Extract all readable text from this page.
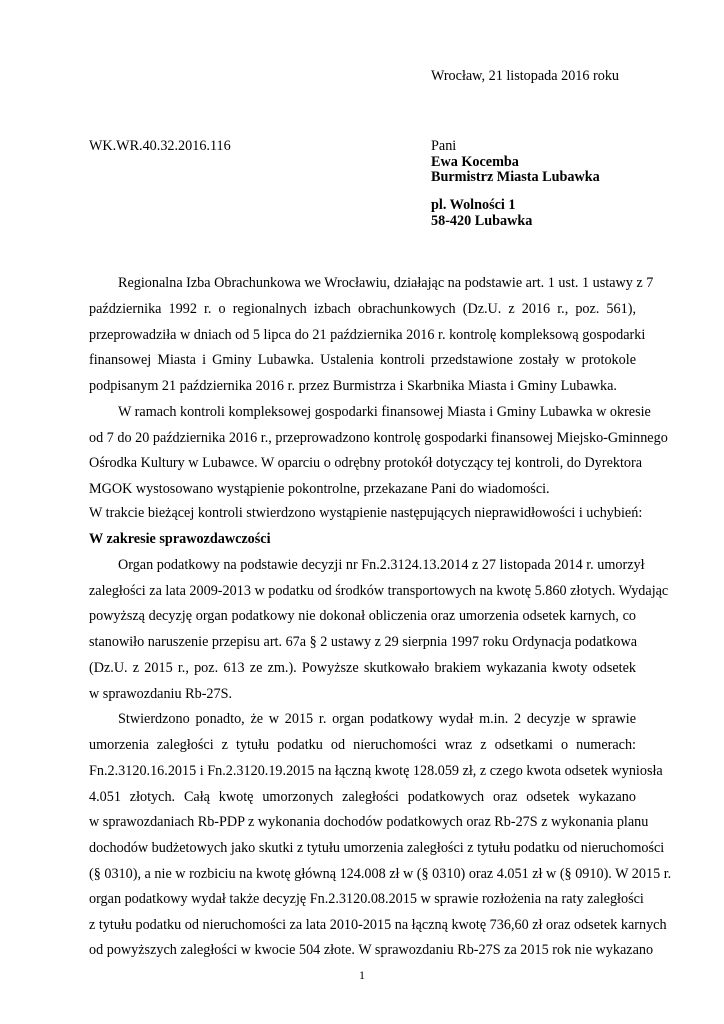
Wrocław, 21 listopada 2016 roku
WK.WR.40.32.2016.116	Pani
Ewa Kocemba
Burmistrz Miasta Lubawka
pl. Wolności 1
58-420 Lubawka
Regionalna Izba Obrachunkowa we Wrocławiu, działając na podstawie art. 1 ust. 1 ustawy z 7
października 1992 r. o regionalnych izbach obrachunkowych (Dz.U. z 2016 r., poz. 561),
przeprowadziła w dniach od 5 lipca do 21 października 2016 r. kontrolę kompleksową gospodarki
finansowej Miasta i Gminy Lubawka. Ustalenia kontroli przedstawione zostały w protokole
podpisanym 21 października 2016 r. przez Burmistrza i Skarbnika Miasta i Gminy Lubawka.
W ramach kontroli kompleksowej gospodarki finansowej Miasta i Gminy Lubawka w okresie
od 7 do 20 października 2016 r., przeprowadzono kontrolę gospodarki finansowej Miejsko-Gminnego
Ośrodka Kultury w Lubawce. W oparciu o odrębny protokół dotyczący tej kontroli, do Dyrektora
MGOK wystosowano wystąpienie pokontrolne, przekazane Pani do wiadomości.
W trakcie bieżącej kontroli stwierdzono wystąpienie następujących nieprawidłowości i uchybień:
W zakresie sprawozdawczości
Organ podatkowy na podstawie decyzji nr Fn.2.3124.13.2014 z 27 listopada 2014 r. umorzył
zaległości za lata 2009-2013 w podatku od środków transportowych na kwotę 5.860 złotych. Wydając
powyższą decyzję organ podatkowy nie dokonał obliczenia oraz umorzenia odsetek karnych, co
stanowiło naruszenie przepisu art. 67a § 2 ustawy z 29 sierpnia 1997 roku Ordynacja podatkowa
(Dz.U. z 2015 r., poz. 613 ze zm.). Powyższe skutkowało brakiem wykazania kwoty odsetek
w sprawozdaniu Rb-27S.
Stwierdzono ponadto, że w 2015 r. organ podatkowy wydał m.in. 2 decyzje w sprawie
umorzenia zaległości z tytułu podatku od nieruchomości wraz z odsetkami o numerach:
Fn.2.3120.16.2015 i Fn.2.3120.19.2015 na łączną kwotę 128.059 zł, z czego kwota odsetek wyniosła
4.051 złotych. Całą kwotę umorzonych zaległości podatkowych oraz odsetek wykazano
w sprawozdaniach Rb-PDP z wykonania dochodów podatkowych oraz Rb-27S z wykonania planu
dochodów budżetowych jako skutki z tytułu umorzenia zaległości z tytułu podatku od nieruchomości
(§ 0310), a nie w rozbiciu na kwotę główną 124.008 zł w (§ 0310) oraz 4.051 zł w (§ 0910). W 2015 r.
organ podatkowy wydał także decyzję Fn.2.3120.08.2015 w sprawie rozłożenia na raty zaległości
z tytułu podatku od nieruchomości za lata 2010-2015 na łączną kwotę 736,60 zł oraz odsetek karnych
od powyższych zaległości w kwocie 504 złote. W sprawozdaniu Rb-27S za 2015 rok nie wykazano
1
